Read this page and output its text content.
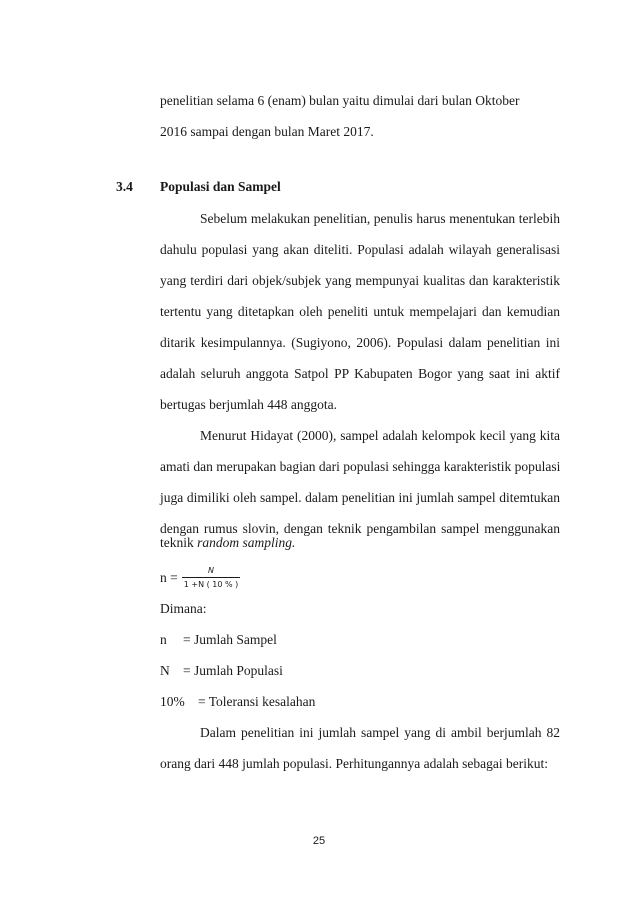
penelitian selama 6 (enam) bulan yaitu dimulai dari bulan Oktober
2016 sampai dengan bulan Maret 2017.
3.4 Populasi dan Sampel
Sebelum melakukan penelitian, penulis harus menentukan terlebih
dahulu populasi yang akan diteliti. Populasi adalah wilayah generalisasi
yang terdiri dari objek/subjek yang mempunyai kualitas dan karakteristik
tertentu yang ditetapkan oleh peneliti untuk mempelajari dan kemudian
ditarik kesimpulannya. (Sugiyono, 2006). Populasi dalam penelitian ini
adalah seluruh anggota Satpol PP Kabupaten Bogor yang saat ini aktif
bertugas berjumlah 448 anggota.
Menurut Hidayat (2000), sampel adalah kelompok kecil yang kita
amati dan merupakan bagian dari populasi sehingga karakteristik populasi
juga dimiliki oleh sampel. dalam penelitian ini jumlah sampel ditemtukan
dengan rumus slovin, dengan teknik pengambilan sampel menggunakan
teknik random sampling.
$n = \frac{N}{1 +N ( 10 \% )}$
Dimana:
n = Jumlah Sampel
N = Jumlah Populasi
10% = Toleransi kesalahan
Dalam penelitian ini jumlah sampel yang di ambil berjumlah 82
orang dari 448 jumlah populasi. Perhitungannya adalah sebagai berikut:
25
